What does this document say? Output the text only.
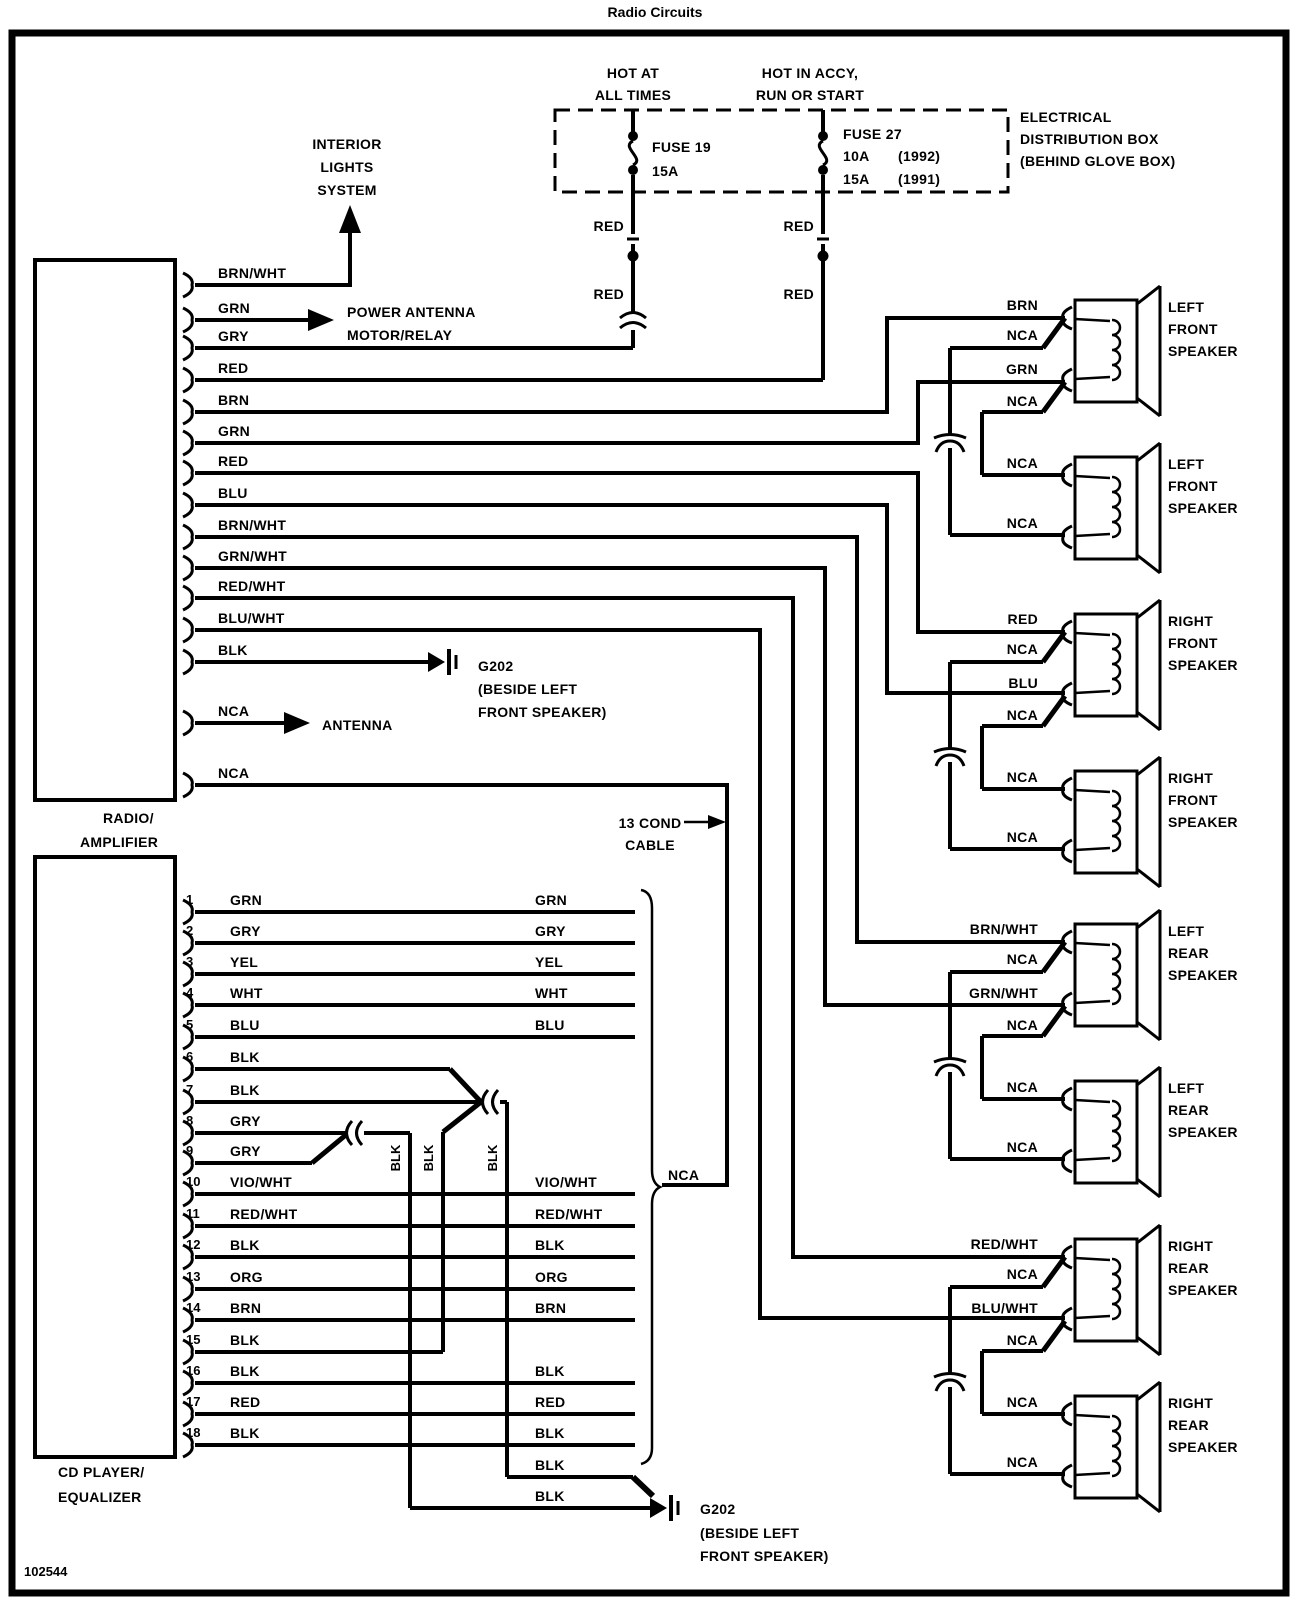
Radio Circuits
102544
HOT AT
ALL TIMES
HOT IN ACCY,
RUN OR START
ELECTRICAL
DISTRIBUTION BOX
(BEHIND GLOVE BOX)
FUSE 19
15A
FUSE 27
10A (1992)
15A (1991)
RED
RED
RED
RED
INTERIOR
LIGHTS
SYSTEM
RADIO/
AMPLIFIER
BRN/WHT
GRN
GRY
RED
BRN
GRN
RED
BLU
BRN/WHT
GRN/WHT
RED/WHT
BLU/WHT
BLK
NCA
NCA
G202
(BESIDE LEFT
FRONT SPEAKER)
ANTENNA
POWER ANTENNA
MOTOR/RELAY
13 COND
CABLE
NCA
CD PLAYER/
EQUALIZER
1
2
3
4
5
6
7
8
9
10
11
12
13
14
15
16
17
18
GRN
GRY
YEL
WHT
BLU
BLK
BLK
GRY
GRY
VIO/WHT
RED/WHT
BLK
ORG
BRN
BLK
BLK
RED
BLK
GRN
GRY
YEL
WHT
BLU
VIO/WHT
RED/WHT
BLK
ORG
BRN
BLK
RED
BLK
BLK BLK	BLK
BLK
BLK
G202
(BESIDE LEFT
FRONT SPEAKER)
BRN
NCA
GRN
NCA
NCA
NCA
LEFT
FRONT
SPEAKER
LEFT
FRONT
SPEAKER
RED
NCA
BLU
NCA
NCA
NCA
RIGHT
FRONT
SPEAKER
RIGHT
FRONT
SPEAKER
BRN/WHT
NCA
GRN/WHT
NCA
NCA
NCA
LEFT
REAR
SPEAKER
LEFT
REAR
SPEAKER
RED/WHT
NCA
BLU/WHT
NCA
NCA
NCA
RIGHT
REAR
SPEAKER
RIGHT
REAR
SPEAKER
